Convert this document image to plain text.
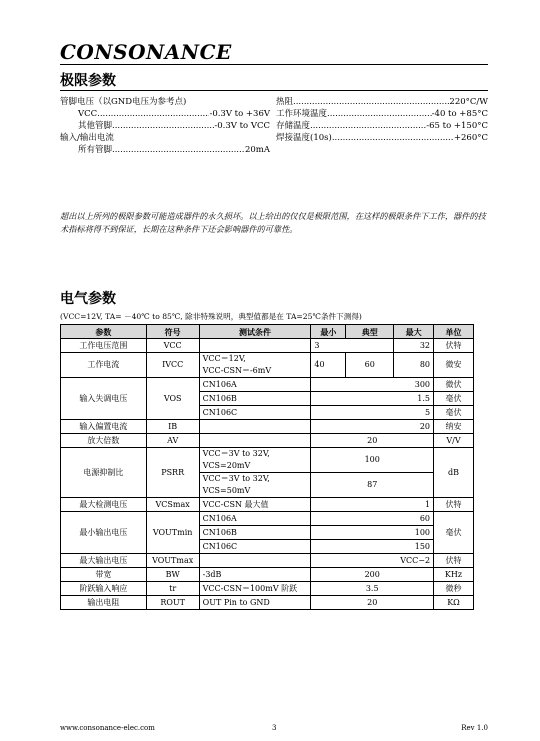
CONSONANCE
极限参数
管脚电压（以GND电压为参考点)
VCC .....	-0.3V to +36V
其他管脚 .....	-0.3V to VCC
输入/输出电流
所有管脚 .....	20mA
热阻 .....	220°C/W
工作环境温度 .....	-40 to +85°C
存储温度 .....	-65 to +150°C
焊接温度(10s) .....	+260°C
超出以上所列的极限参数可能造成器件的永久损坏。以上给出的仅仅是极限范围，在这样的极限条件下工作，器件的技术指标将得不到保证，长期在这种条件下还会影响器件的可靠性。
电气参数
(VCC=12V, TA= －40℃ to 85℃, 除非特殊说明，典型值都是在 TA=25℃条件下测得)
参数	符号	测试条件	最小	典型	最大	单位
工作电压范围	VCC		3		32	伏特
工作电流	IVCC	VCC＝12V,
VCC-CSN＝-6mV	40	60	80	微安
输入失调电压	VOS	CN106A	300			微伏
		CN106B	1.5			毫伏
		CN106C	5			毫伏
输入偏置电流	IB		20			纳安
放大倍数	AV		20			V/V
电源抑制比	PSRR	VCC＝3V to 32V,
VCS=20mV	100			dB

		VCC＝3V to 32V,
VCS=50mV	87			
最大检测电压	VCSmax	VCC-CSN 最大值	1			伏特
最小输出电压	VOUTmin	CN106A	60			毫伏
		CN106B	100			
		CN106C	150			
最大输出电压	VOUTmax		VCC−2			伏特
带宽	BW	-3dB	200			KHz
阶跃输入响应	tr	VCC-CSN＝100mV 阶跃	3.5			微秒
输出电阻	ROUT	OUT Pin to GND	20			KΩ
www.consonance-elec.com	3	Rev 1.0
